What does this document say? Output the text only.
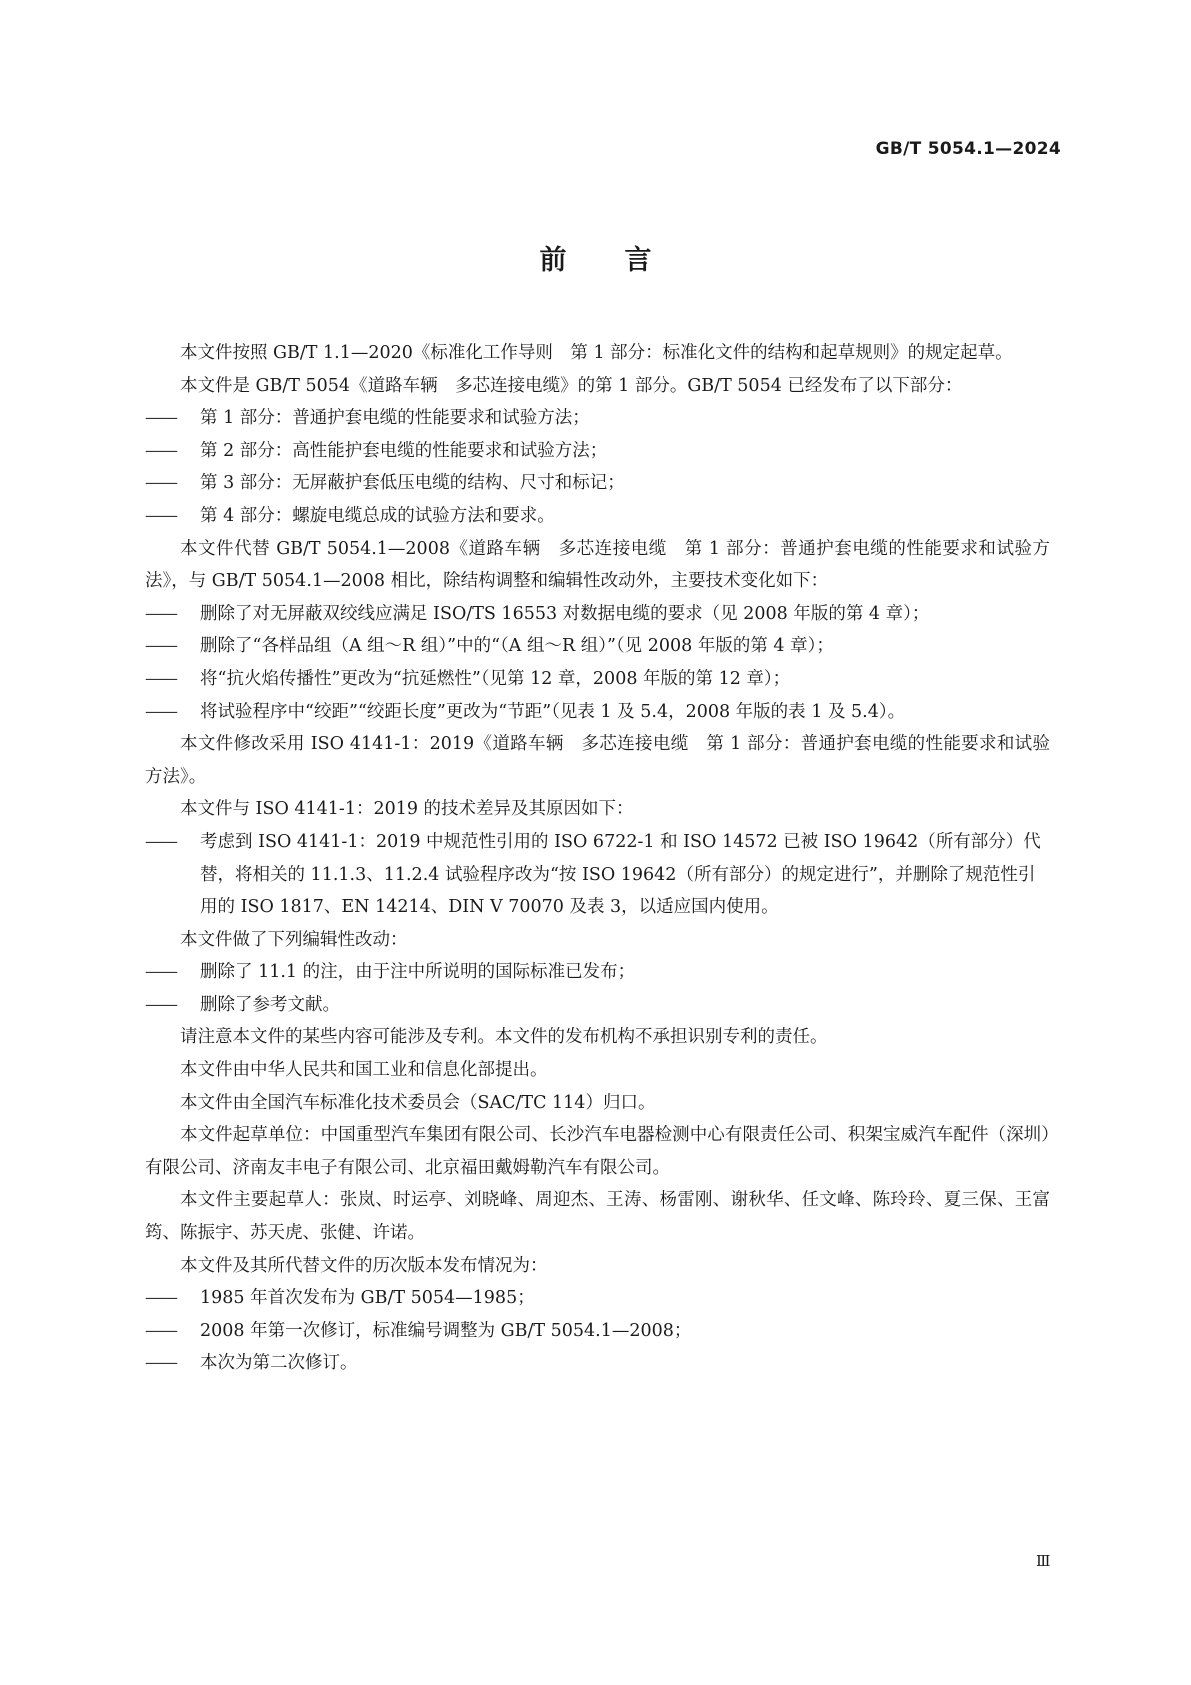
GB/T 5054.1—2024
前言
本文件按照 GB/T 1.1—2020《标准化工作导则　第 1 部分：标准化文件的结构和起草规则》的规定起草。
本文件是 GB/T 5054《道路车辆　多芯连接电缆》的第 1 部分。GB/T 5054 已经发布了以下部分：
—— 第 1 部分：普通护套电缆的性能要求和试验方法；
—— 第 2 部分：高性能护套电缆的性能要求和试验方法；
—— 第 3 部分：无屏蔽护套低压电缆的结构、尺寸和标记；
—— 第 4 部分：螺旋电缆总成的试验方法和要求。
本文件代替 GB/T 5054.1—2008《道路车辆　多芯连接电缆　第 1 部分：普通护套电缆的性能要求和试验方法》，与 GB/T 5054.1—2008 相比，除结构调整和编辑性改动外，主要技术变化如下：
—— 删除了对无屏蔽双绞线应满足 ISO/TS 16553 对数据电缆的要求（见 2008 年版的第 4 章）；
—— 删除了“各样品组（A 组～R 组）”中的“（A 组～R 组）”（见 2008 年版的第 4 章）；
—— 将“抗火焰传播性”更改为“抗延燃性”（见第 12 章，2008 年版的第 12 章）；
—— 将试验程序中“绞距”“绞距长度”更改为“节距”（见表 1 及 5.4，2008 年版的表 1 及 5.4）。
本文件修改采用 ISO 4141-1：2019《道路车辆　多芯连接电缆　第 1 部分：普通护套电缆的性能要求和试验方法》。
本文件与 ISO 4141-1：2019 的技术差异及其原因如下：
—— 考虑到 ISO 4141-1：2019 中规范性引用的 ISO 6722-1 和 ISO 14572 已被 ISO 19642（所有部分）代替，将相关的 11.1.3、11.2.4 试验程序改为“按 ISO 19642（所有部分）的规定进行”，并删除了规范性引用的 ISO 1817、EN 14214、DIN V 70070 及表 3，以适应国内使用。
本文件做了下列编辑性改动：
—— 删除了 11.1 的注，由于注中所说明的国际标准已发布；
—— 删除了参考文献。
请注意本文件的某些内容可能涉及专利。本文件的发布机构不承担识别专利的责任。
本文件由中华人民共和国工业和信息化部提出。
本文件由全国汽车标准化技术委员会（SAC/TC 114）归口。
本文件起草单位：中国重型汽车集团有限公司、长沙汽车电器检测中心有限责任公司、积架宝威汽车配件（深圳）有限公司、济南友丰电子有限公司、北京福田戴姆勒汽车有限公司。
本文件主要起草人：张岚、时运亭、刘晓峰、周迎杰、王涛、杨雷刚、谢秋华、任文峰、陈玲玲、夏三保、王富筠、陈振宇、苏天虎、张健、许诺。
本文件及其所代替文件的历次版本发布情况为：
—— 1985 年首次发布为 GB/T 5054—1985；
—— 2008 年第一次修订，标准编号调整为 GB/T 5054.1—2008；
—— 本次为第二次修订。
Ⅲ
